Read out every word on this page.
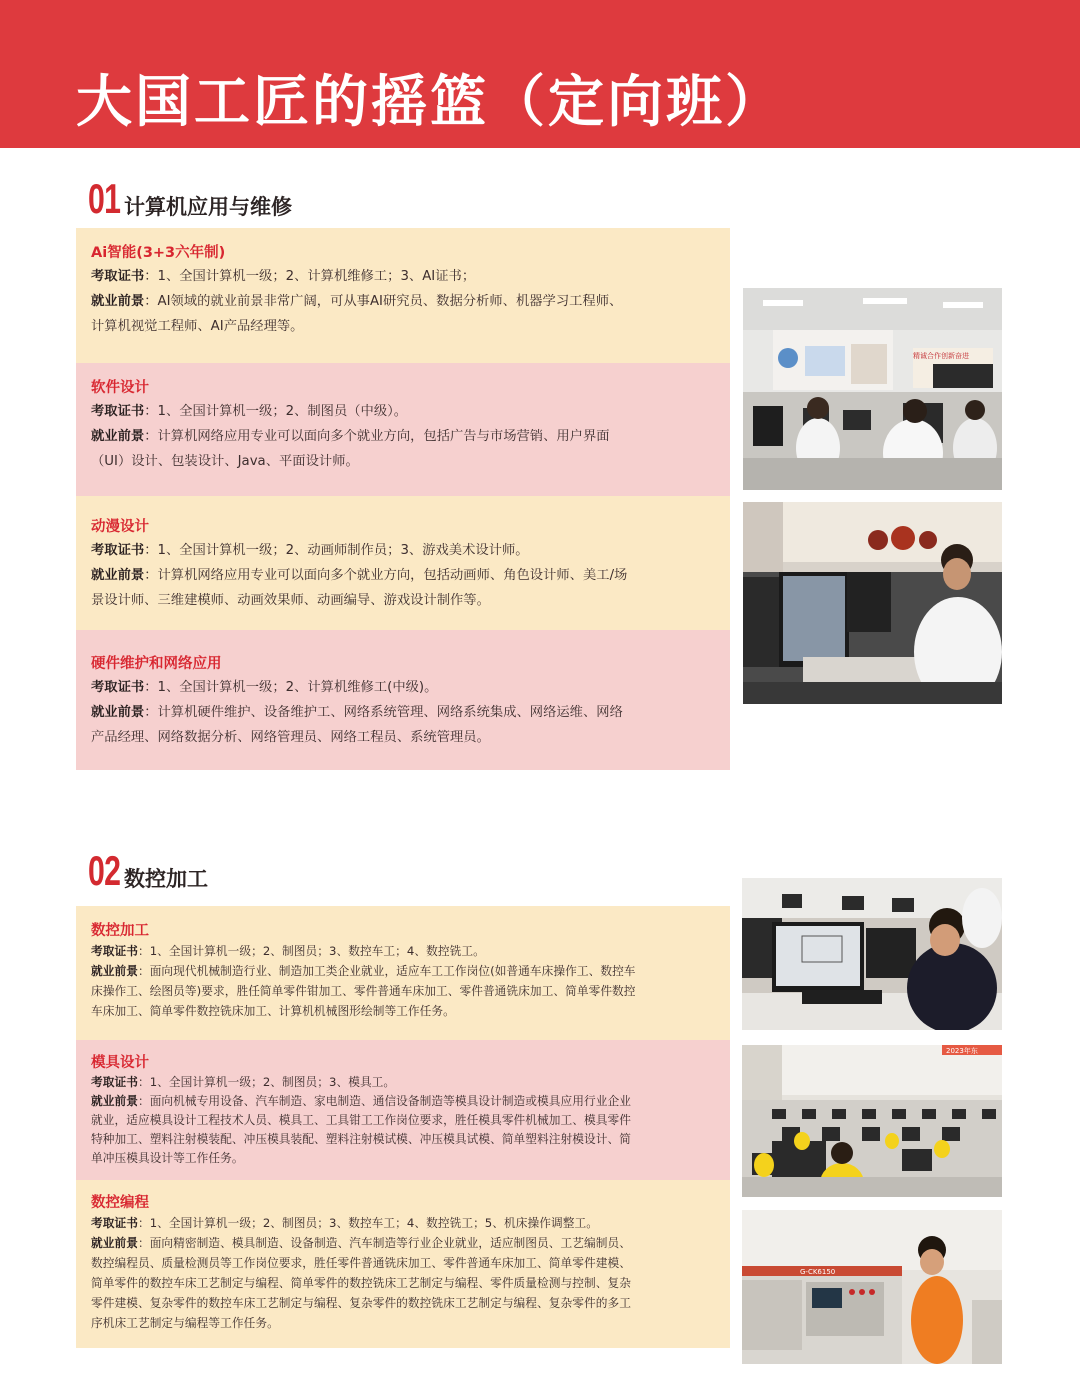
大国工匠的摇篮（定向班）
01 计算机应用与维修
Ai智能(3+3六年制)
考取证书：1、全国计算机一级；2、计算机维修工；3、AI证书；
就业前景：AI领域的就业前景非常广阔，可从事AI研究员、数据分析师、机器学习工程师、
计算机视觉工程师、AI产品经理等。
软件设计
考取证书：1、全国计算机一级；2、制图员（中级）。
就业前景：计算机网络应用专业可以面向多个就业方向，包括广告与市场营销、用户界面
（UI）设计、包装设计、Java、平面设计师。
动漫设计
考取证书：1、全国计算机一级；2、动画师制作员；3、游戏美术设计师。
就业前景：计算机网络应用专业可以面向多个就业方向，包括动画师、角色设计师、美工/场
景设计师、三维建模师、动画效果师、动画编导、游戏设计制作等。
硬件维护和网络应用
考取证书：1、全国计算机一级；2、计算机维修工(中级)。
就业前景：计算机硬件维护、设备维护工、网络系统管理、网络系统集成、网络运维、网络
产品经理、网络数据分析、网络管理员、网络工程员、系统管理员。
02 数控加工
数控加工
考取证书：1、全国计算机一级；2、制图员；3、数控车工；4、数控铣工。
就业前景：面向现代机械制造行业、制造加工类企业就业，适应车工工作岗位(如普通车床操作工、数控车
床操作工、绘图员等)要求，胜任简单零件钳加工、零件普通车床加工、零件普通铣床加工、简单零件数控
车床加工、简单零件数控铣床加工、计算机机械图形绘制等工作任务。
模具设计
考取证书：1、全国计算机一级；2、制图员；3、模具工。
就业前景：面向机械专用设备、汽车制造、家电制造、通信设备制造等模具设计制造或模具应用行业企业
就业，适应模具设计工程技术人员、模具工、工具钳工工作岗位要求，胜任模具零件机械加工、模具零件
特种加工、塑料注射模装配、冲压模具装配、塑料注射模试模、冲压模具试模、简单塑料注射模设计、简
单冲压模具设计等工作任务。
数控编程
考取证书：1、全国计算机一级；2、制图员；3、数控车工；4、数控铣工；5、机床操作调整工。
就业前景：面向精密制造、模具制造、设备制造、汽车制造等行业企业就业，适应制图员、工艺编制员、
数控编程员、质量检测员等工作岗位要求，胜任零件普通铣床加工、零件普通车床加工、简单零件建模、
简单零件的数控车床工艺制定与编程、简单零件的数控铣床工艺制定与编程、零件质量检测与控制、复杂
零件建模、复杂零件的数控车床工艺制定与编程、复杂零件的数控铣床工艺制定与编程、复杂零件的多工
序机床工艺制定与编程等工作任务。
精诚合作创新奋进
2023年东
G-CK6150
